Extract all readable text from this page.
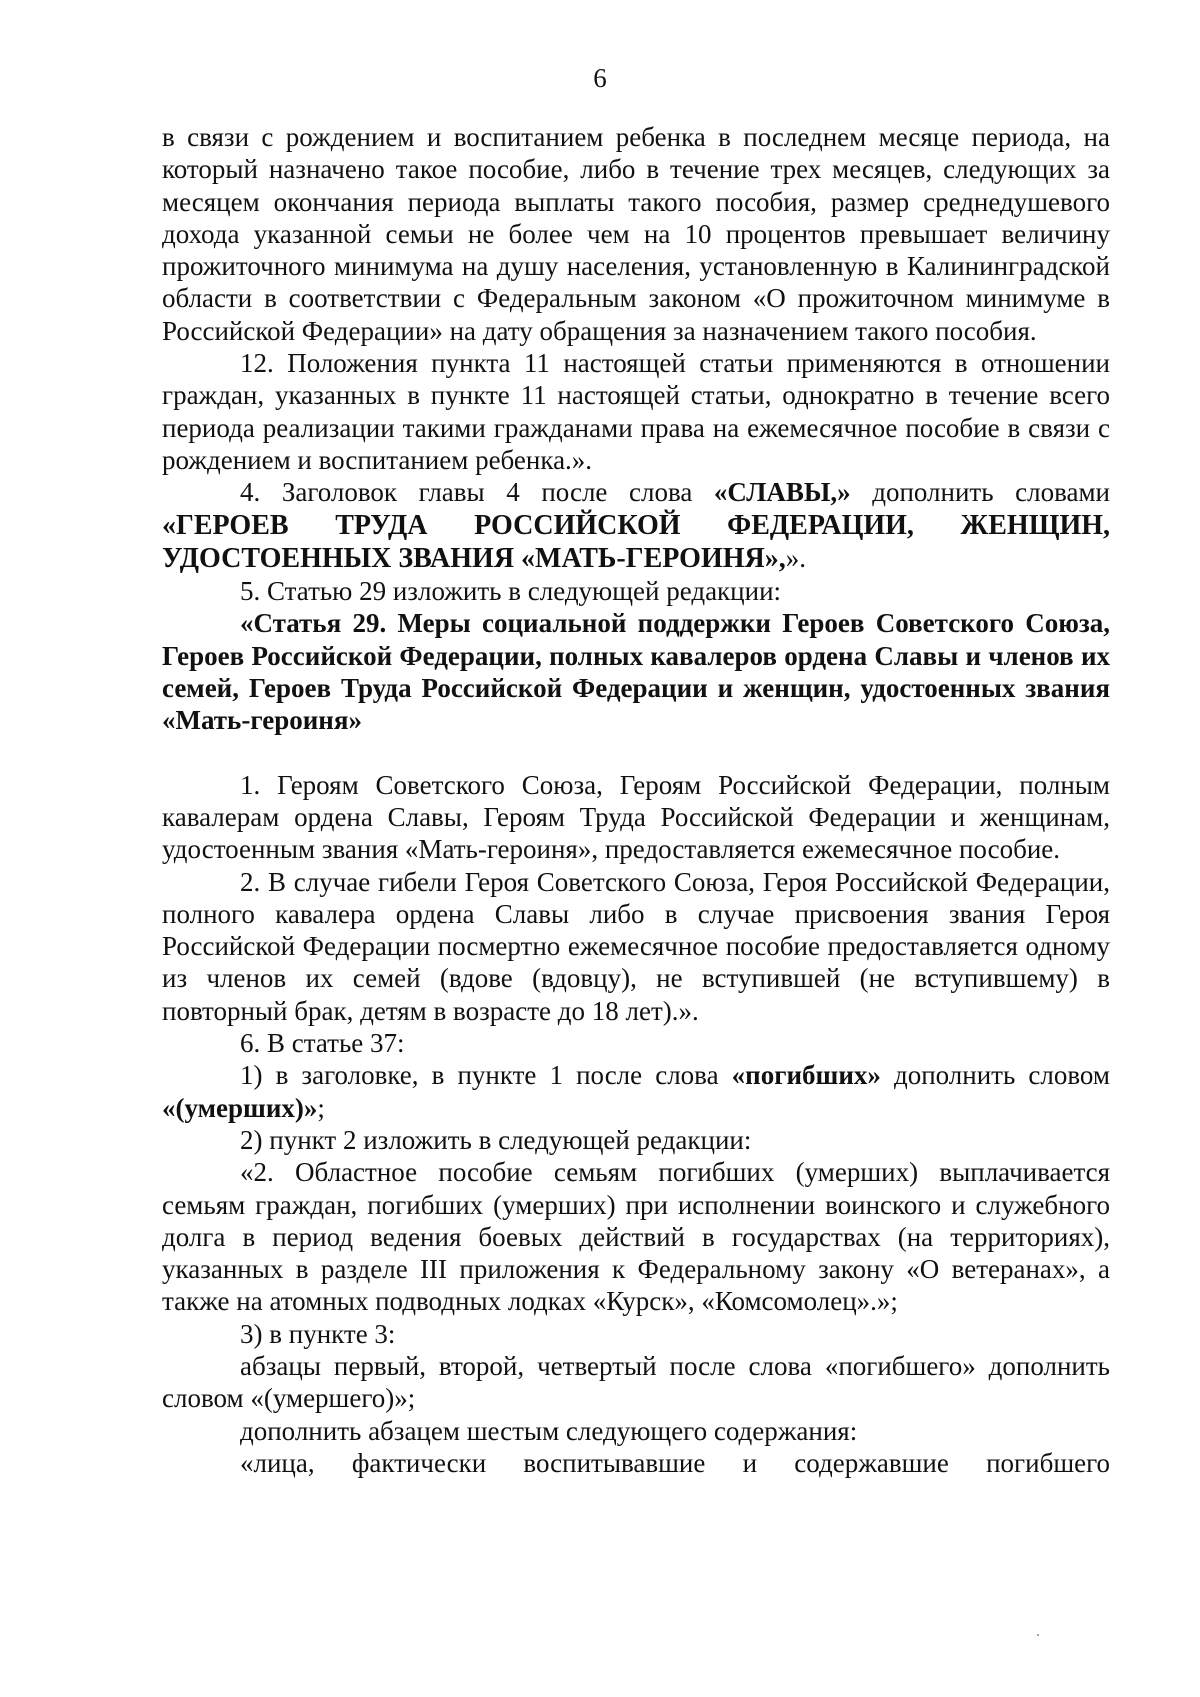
6

в связи с рождением и воспитанием ребенка в последнем месяце периода, на который назначено такое пособие, либо в течение трех месяцев, следующих за месяцем окончания периода выплаты такого пособия, размер среднедушевого дохода указанной семьи не более чем на 10 процентов превышает величину прожиточного минимума на душу населения, установленную в Калининградской области в соответствии с Федеральным законом «О прожиточном минимуме в Российской Федерации» на дату обращения за назначением такого пособия.

12. Положения пункта 11 настоящей статьи применяются в отношении граждан, указанных в пункте 11 настоящей статьи, однократно в течение всего периода реализации такими гражданами права на ежемесячное пособие в связи с рождением и воспитанием ребенка.».

4. Заголовок главы 4 после слова «СЛАВЫ,» дополнить словами «ГЕРОЕВ ТРУДА РОССИЙСКОЙ ФЕДЕРАЦИИ, ЖЕНЩИН, УДОСТОЕННЫХ ЗВАНИЯ «МАТЬ-ГЕРОИНЯ»,».

5. Статью 29 изложить в следующей редакции:

«Статья 29. Меры социальной поддержки Героев Советского Союза, Героев Российской Федерации, полных кавалеров ордена Славы и членов их семей, Героев Труда Российской Федерации и женщин, удостоенных звания «Мать-героиня»

1. Героям Советского Союза, Героям Российской Федерации, полным кавалерам ордена Славы, Героям Труда Российской Федерации и женщинам, удостоенным звания «Мать-героиня», предоставляется ежемесячное пособие.

2. В случае гибели Героя Советского Союза, Героя Российской Федерации, полного кавалера ордена Славы либо в случае присвоения звания Героя Российской Федерации посмертно ежемесячное пособие предоставляется одному из членов их семей (вдове (вдовцу), не вступившей (не вступившему) в повторный брак, детям в возрасте до 18 лет).».

6. В статье 37:

1) в заголовке, в пункте 1 после слова «погибших» дополнить словом «(умерших)»;

2) пункт 2 изложить в следующей редакции:

«2. Областное пособие семьям погибших (умерших) выплачивается семьям граждан, погибших (умерших) при исполнении воинского и служебного долга в период ведения боевых действий в государствах (на территориях), указанных в разделе III приложения к Федеральному закону «О ветеранах», а также на атомных подводных лодках «Курск», «Комсомолец».»;

3) в пункте 3:

абзацы первый, второй, четвертый после слова «погибшего» дополнить словом «(умершего)»;

дополнить абзацем шестым следующего содержания:

«лица, фактически воспитывавшие и содержавшие погибшего
